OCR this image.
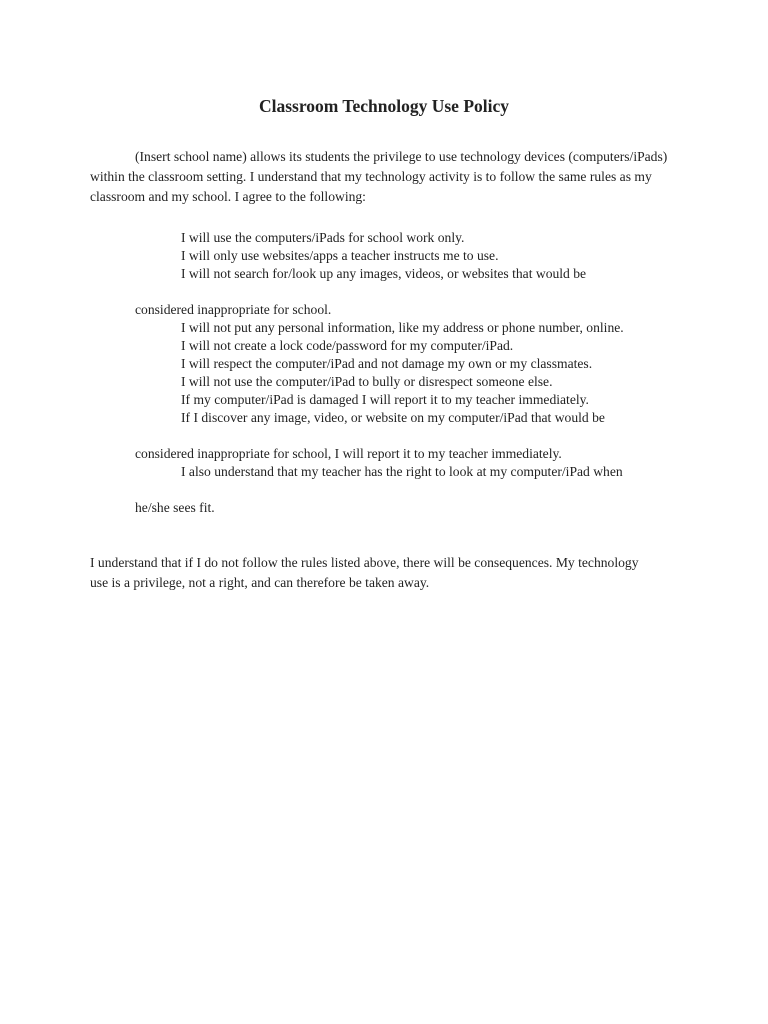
Classroom Technology Use Policy

(Insert school name) allows its students the privilege to use technology devices (computers/iPads) within the classroom setting. I understand that my technology activity is to follow the same rules as my classroom and my school. I agree to the following:

I will use the computers/iPads for school work only.
I will only use websites/apps a teacher instructs me to use.
I will not search for/look up any images, videos, or websites that would be
considered inappropriate for school.
I will not put any personal information, like my address or phone number, online.
I will not create a lock code/password for my computer/iPad.
I will respect the computer/iPad and not damage my own or my classmates.
I will not use the computer/iPad to bully or disrespect someone else.
If my computer/iPad is damaged I will report it to my teacher immediately.
If I discover any image, video, or website on my computer/iPad that would be
considered inappropriate for school, I will report it to my teacher immediately.
I also understand that my teacher has the right to look at my computer/iPad when
he/she sees fit.

I understand that if I do not follow the rules listed above, there will be consequences. My technology use is a privilege, not a right, and can therefore be taken away.
